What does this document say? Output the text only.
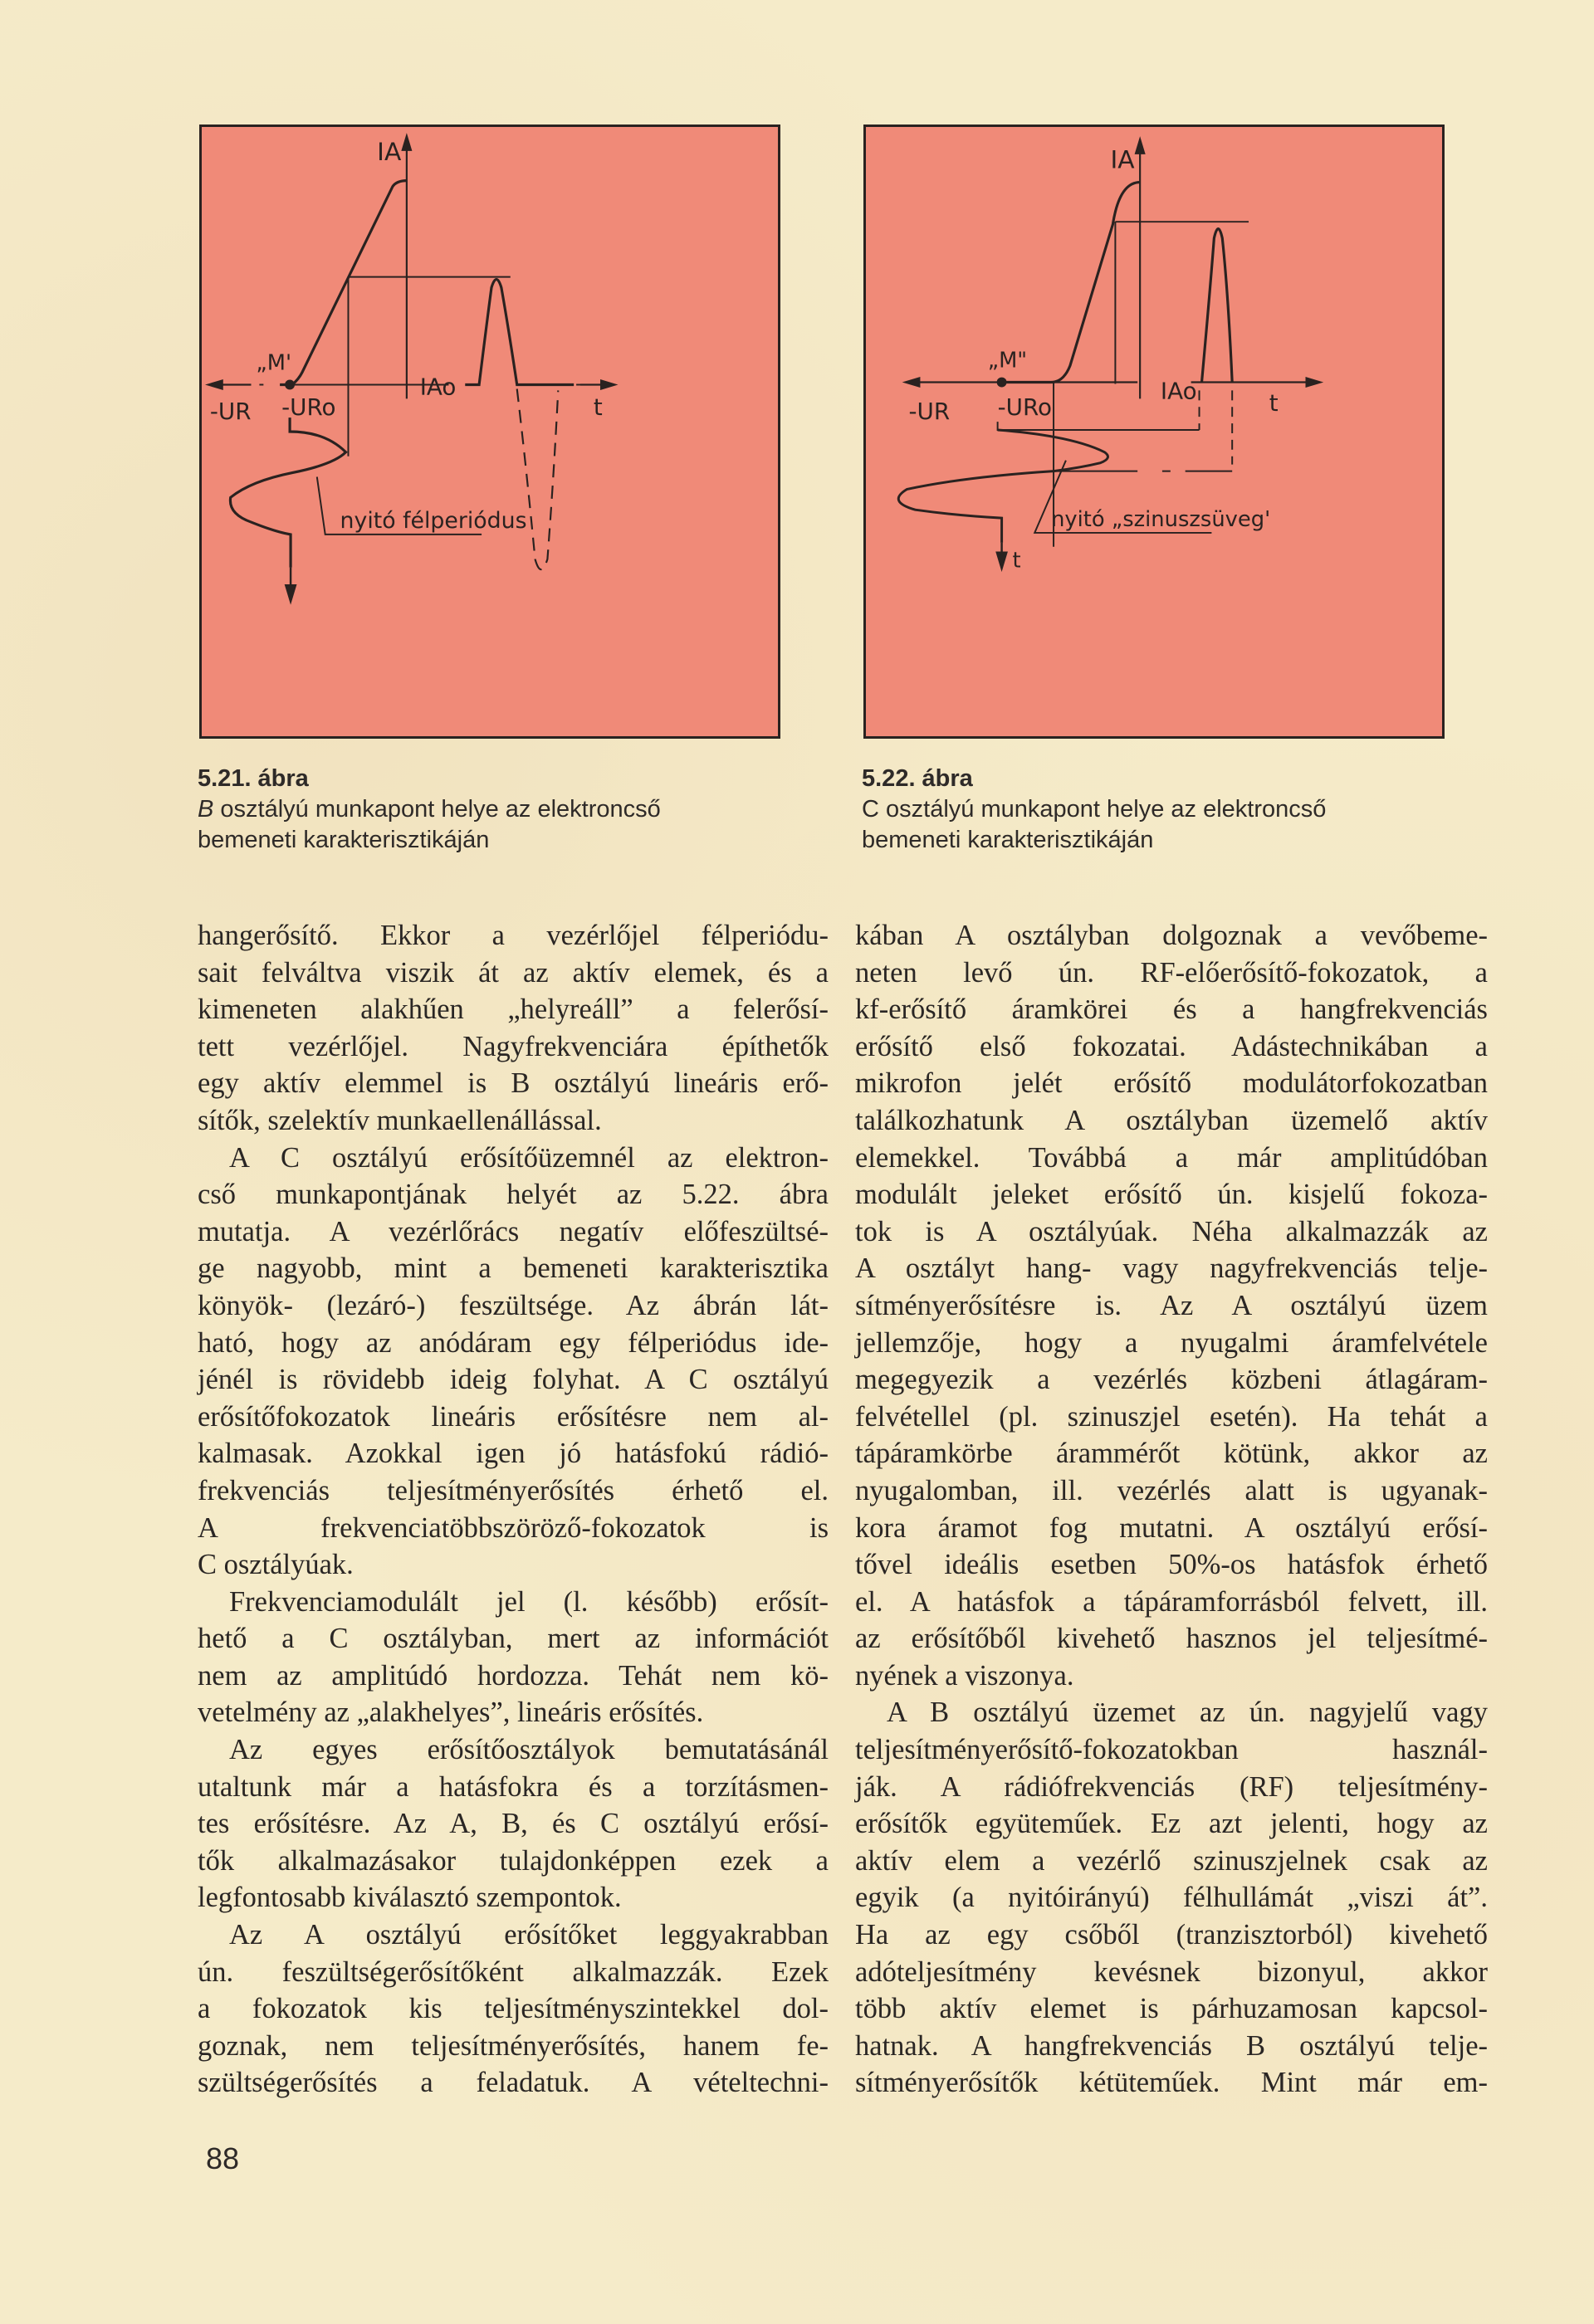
IA
„M'
-UR -URo
IAo
t
nyitó félperiódus
IA
„M"
-UR -URo
IAo	t
t
nyitó „szinuszsüveg'
5.21. ábra
B osztályú munkapont helye az elektroncső
bemeneti karakterisztikáján
5.22. ábra
C osztályú munkapont helye az elektroncső
bemeneti karakterisztikáján
hangerősítő. Ekkor a vezérlőjel félperiódu-
sait felváltva viszik át az aktív elemek, és a
kimeneten alakhűen „helyreáll” a felerősí-
tett vezérlőjel. Nagyfrekvenciára építhetők
egy aktív elemmel is B osztályú lineáris erő-
sítők, szelektív munkaellenállással.
A C osztályú erősítőüzemnél az elektron-
cső munkapontjának helyét az 5.22. ábra
mutatja. A vezérlőrács negatív előfeszültsé-
ge nagyobb, mint a bemeneti karakterisztika
könyök- (lezáró-) feszültsége. Az ábrán lát-
ható, hogy az anódáram egy félperiódus ide-
jénél is rövidebb ideig folyhat. A C osztályú
erősítőfokozatok lineáris erősítésre nem al-
kalmasak. Azokkal igen jó hatásfokú rádió-
frekvenciás teljesítményerősítés érhető el.
A frekvenciatöbbszöröző-fokozatok is
C osztályúak.
Frekvenciamodulált jel (l. később) erősít-
hető a C osztályban, mert az információt
nem az amplitúdó hordozza. Tehát nem kö-
vetelmény az „alakhelyes”, lineáris erősítés.
Az egyes erősítőosztályok bemutatásánál
utaltunk már a hatásfokra és a torzításmen-
tes erősítésre. Az A, B, és C osztályú erősí-
tők alkalmazásakor tulajdonképpen ezek a
legfontosabb kiválasztó szempontok.
Az A osztályú erősítőket leggyakrabban
ún. feszültségerősítőként alkalmazzák. Ezek
a fokozatok kis teljesítményszintekkel dol-
goznak, nem teljesítményerősítés, hanem fe-
szültségerősítés a feladatuk. A vételtechni-
kában A osztályban dolgoznak a vevőbeme-
neten levő ún. RF-előerősítő-fokozatok, a
kf-erősítő áramkörei és a hangfrekvenciás
erősítő első fokozatai. Adástechnikában a
mikrofon jelét erősítő modulátorfokozatban
találkozhatunk A osztályban üzemelő aktív
elemekkel. Továbbá a már amplitúdóban
modulált jeleket erősítő ún. kisjelű fokoza-
tok is A osztályúak. Néha alkalmazzák az
A osztályt hang- vagy nagyfrekvenciás telje-
sítményerősítésre is. Az A osztályú üzem
jellemzője, hogy a nyugalmi áramfelvétele
megegyezik a vezérlés közbeni átlagáram-
felvétellel (pl. szinuszjel esetén). Ha tehát a
tápáramkörbe árammérőt kötünk, akkor az
nyugalomban, ill. vezérlés alatt is ugyanak-
kora áramot fog mutatni. A osztályú erősí-
tővel ideális esetben 50%-os hatásfok érhető
el. A hatásfok a tápáramforrásból felvett, ill.
az erősítőből kivehető hasznos jel teljesítmé-
nyének a viszonya.
A B osztályú üzemet az ún. nagyjelű vagy
teljesítményerősítő-fokozatokban használ-
ják. A rádiófrekvenciás (RF) teljesítmény-
erősítők együteműek. Ez azt jelenti, hogy az
aktív elem a vezérlő szinuszjelnek csak az
egyik (a nyitóirányú) félhullámát „viszi át”.
Ha az egy csőből (tranzisztorból) kivehető
adóteljesítmény kevésnek bizonyul, akkor
több aktív elemet is párhuzamosan kapcsol-
hatnak. A hangfrekvenciás B osztályú telje-
sítményerősítők kétüteműek. Mint már em-
88
